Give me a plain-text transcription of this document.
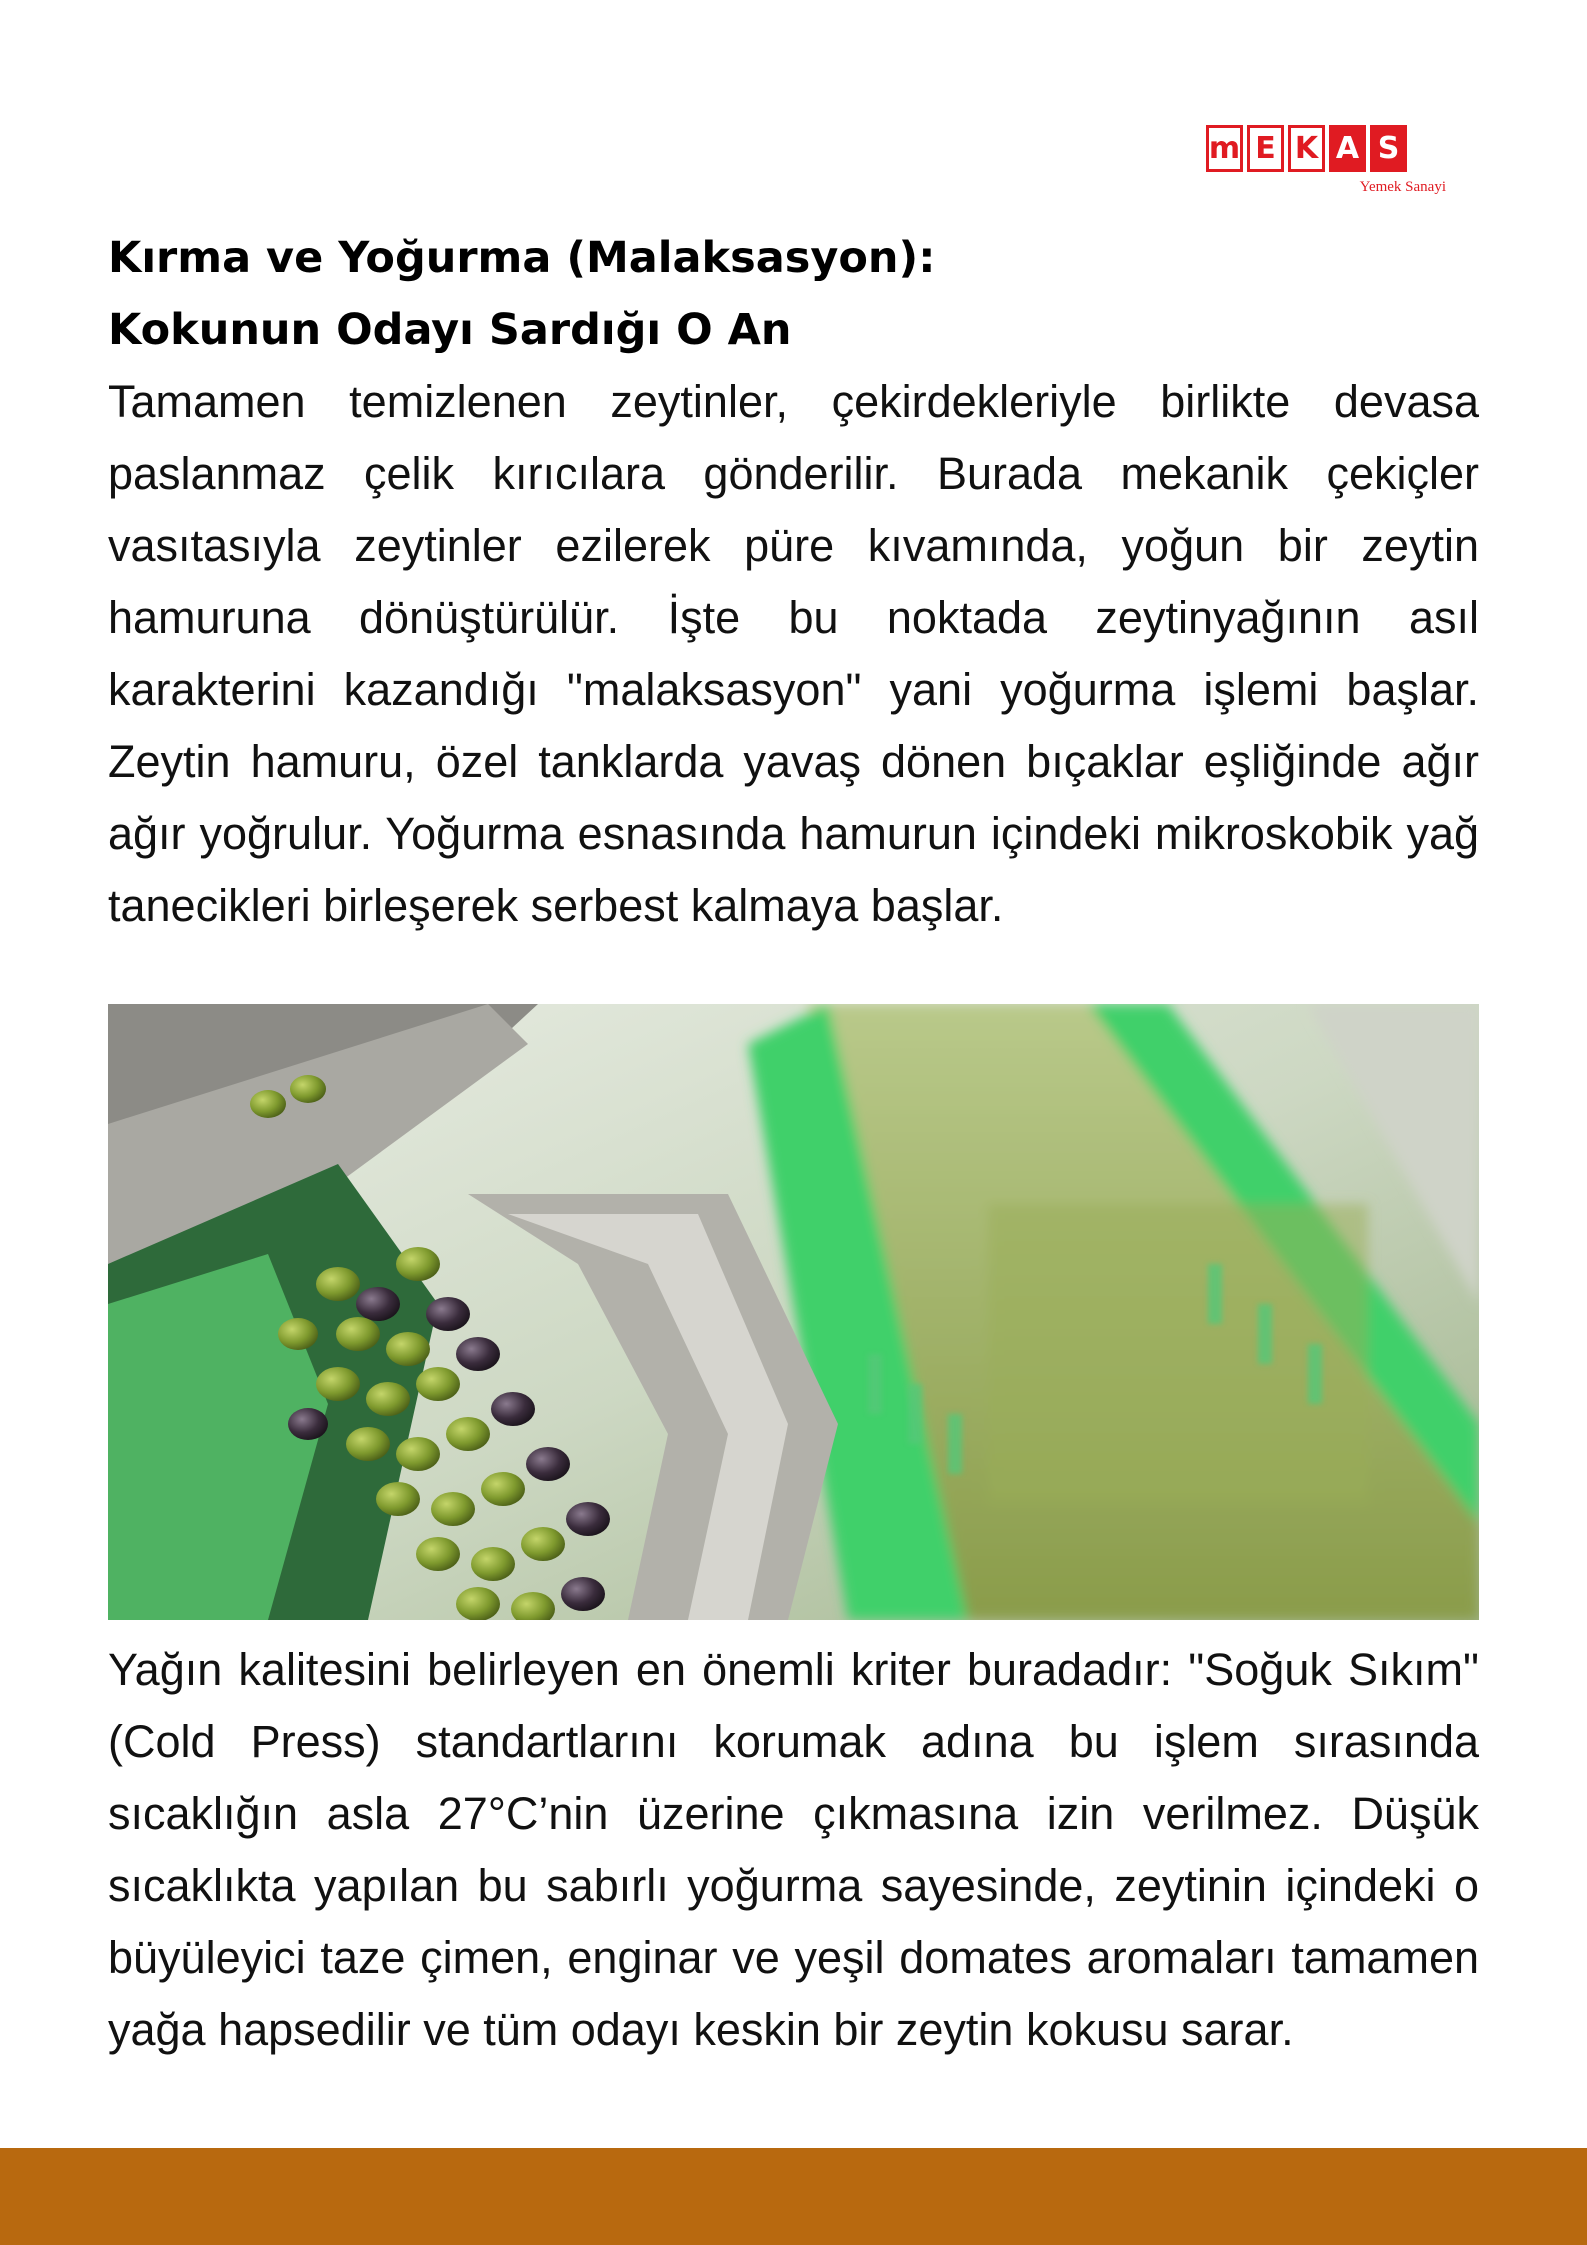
m E K A S
Yemek Sanayi
Kırma ve Yoğurma (Malaksasyon):
Kokunun Odayı Sardığı O An

Tamamen temizlenen zeytinler, çekirdekleriyle birlikte devasa paslanmaz çelik kırıcılara gönderilir. Burada mekanik çekiçler vasıtasıyla zeytinler ezilerek püre kıvamında, yoğun bir zeytin hamuruna dönüştürülür. İşte bu noktada zeytinyağının asıl karakterini kazandığı "malaksasyon" yani yoğurma işlemi başlar. Zeytin hamuru, özel tanklarda yavaş dönen bıçaklar eşliğinde ağır ağır yoğrulur. Yoğurma esnasında hamurun içindeki mikroskobik yağ tanecikleri birleşerek serbest kalmaya başlar.

Yağın kalitesini belirleyen en önemli kriter buradadır: "Soğuk Sıkım" (Cold Press) standartlarını korumak adına bu işlem sırasında sıcaklığın asla 27°C’nin üzerine çıkmasına izin verilmez. Düşük sıcaklıkta yapılan bu sabırlı yoğurma sayesinde, zeytinin içindeki o büyüleyici taze çimen, enginar ve yeşil domates aromaları tamamen yağa hapsedilir ve tüm odayı keskin bir zeytin kokusu sarar.
